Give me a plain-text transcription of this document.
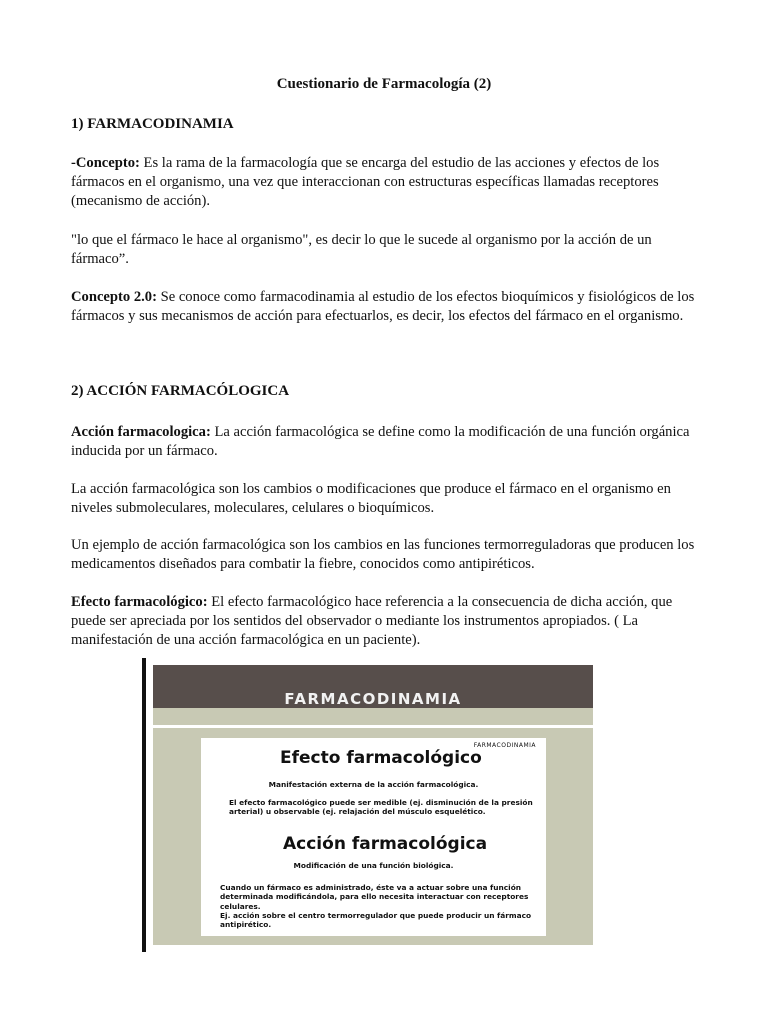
Cuestionario de Farmacología (2)
1) FARMACODINAMIA

-Concepto: Es la rama de la farmacología que se encarga del estudio de las acciones y efectos de los fármacos en el organismo, una vez que interaccionan con estructuras específicas llamadas receptores (mecanismo de acción).

"lo que el fármaco le hace al organismo", es decir lo que le sucede al organismo por la acción de un fármaco”.

Concepto 2.0: Se conoce como farmacodinamia al estudio de los efectos bioquímicos y fisiológicos de los fármacos y sus mecanismos de acción para efectuarlos, es decir, los efectos del fármaco en el organismo.

2) ACCIÓN FARMACÓLOGICA

Acción farmacologica: La acción farmacológica se define como la modificación de una función orgánica inducida por un fármaco.

La acción farmacológica son los cambios o modificaciones que produce el fármaco en el organismo en niveles submoleculares, moleculares, celulares o bioquímicos.

Un ejemplo de acción farmacológica son los cambios en las funciones termorreguladoras que producen los medicamentos diseñados para combatir la fiebre, conocidos como antipiréticos.

Efecto farmacológico: El efecto farmacológico hace referencia a la consecuencia de dicha acción, que puede ser apreciada por los sentidos del observador o mediante los instrumentos apropiados. ( La manifestación de una acción farmacológica en un paciente).

FARMACODINAMIA
FARMACODINAMIA
Efecto farmacológico
Manifestación externa de la acción farmacológica.

El efecto farmacológico puede ser medible (ej. disminución de la presión arterial) u observable (ej. relajación del músculo esquelético.

Acción farmacológica
Modificación de una función biológica.

Cuando un fármaco es administrado, éste va a actuar sobre una función determinada modificándola, para ello necesita interactuar con receptores celulares.

Ej. acción sobre el centro termorregulador que puede producir un fármaco antipirético.
